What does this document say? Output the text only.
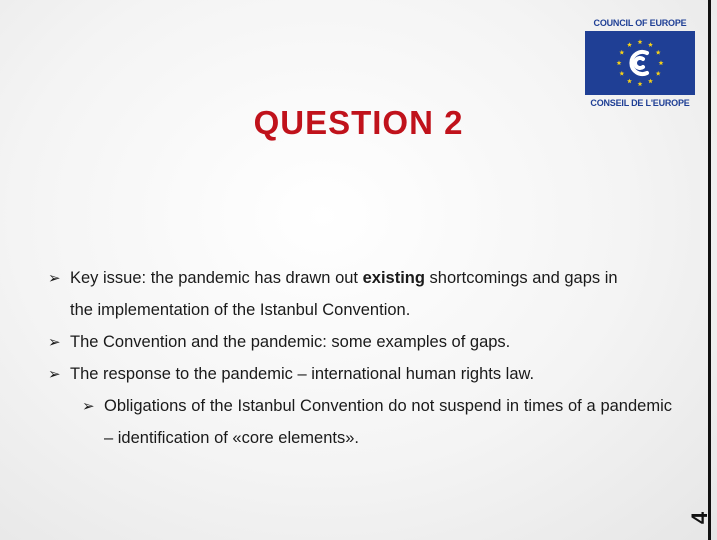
COUNCIL OF EUROPE
CONSEIL DE L'EUROPE
QUESTION 2
➢ Key issue: the pandemic has drawn out existing shortcomings and gaps in
the implementation of the Istanbul Convention.
➢ The Convention and the pandemic: some examples of gaps.
➢ The response to the pandemic – international human rights law.
➢ Obligations of the Istanbul Convention do not suspend in times of a pandemic – identification of «core elements».
4
